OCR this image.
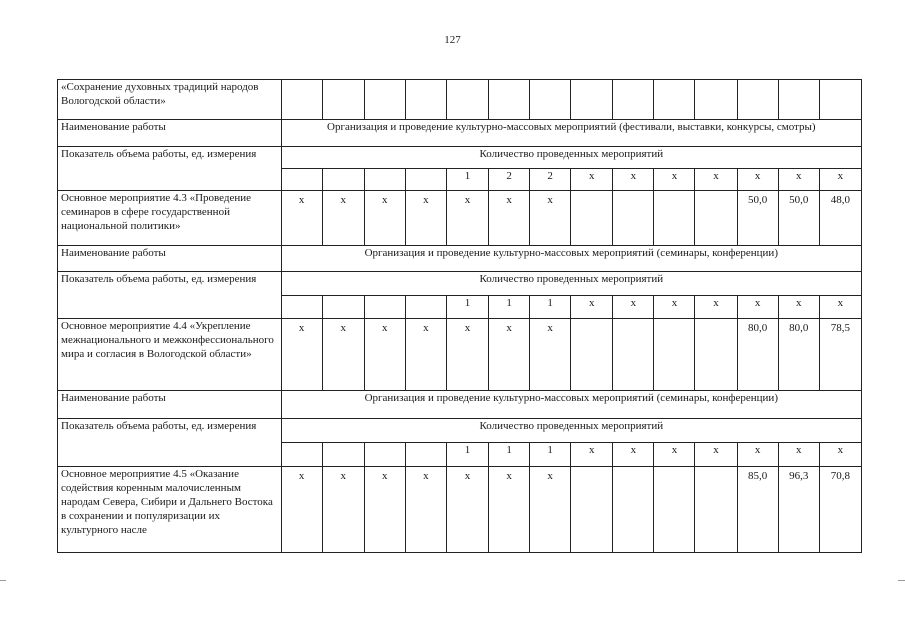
127
«Сохранение духовных традиций народов Вологодской области»														
Наименование работы	Организация и проведение культурно-массовых мероприятий (фестивали, выставки, конкурсы, смотры)													
Показатель объема работы, ед. измерения	Количество проведенных мероприятий													
					1	2	2	x	x	x	x	x	x	x
Основное мероприятие 4.3 «Проведение семинаров в сфере государственной национальной политики»	x	x	x	x	x	x	x					50,0	50,0	48,0
Наименование работы	Организация и проведение культурно-массовых мероприятий (семинары, конференции)													
Показатель объема работы, ед. измерения	Количество проведенных мероприятий													
					1	1	1	x	x	x	x	x	x	x
Основное мероприятие 4.4 «Укрепление межнационального и межконфессионального мира и согласия в Вологодской области»	x	x	x	x	x	x	x					80,0	80,0	78,5
Наименование работы	Организация и проведение культурно-массовых мероприятий (семинары, конференции)													
Показатель объема работы, ед. измерения	Количество проведенных мероприятий													
					1	1	1	x	x	x	x	x	x	x
Основное мероприятие 4.5 «Оказание содействия коренным малочисленным народам Севера, Сибири и Дальнего Востока в сохранении и популяризации их культурного насле	x	x	x	x	x	x	x					85,0	96,3	70,8
